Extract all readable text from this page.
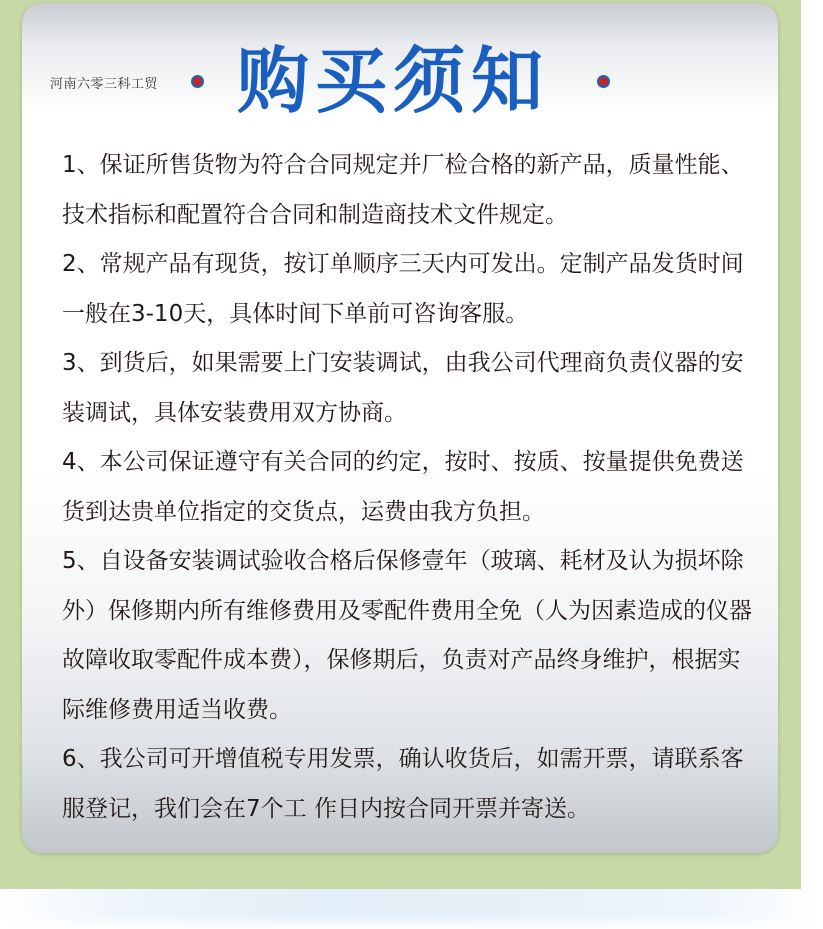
河南六零三科工贸 购买须知
1、保证所售货物为符合合同规定并厂检合格的新产品，质量性能、技术指标和配置符合合同和制造商技术文件规定。
2、常规产品有现货，按订单顺序三天内可发出。定制产品发货时间一般在3-10天，具体时间下单前可咨询客服。
3、到货后，如果需要上门安装调试，由我公司代理商负责仪器的安装调试，具体安装费用双方协商。
4、本公司保证遵守有关合同的约定，按时、按质、按量提供免费送货到达贵单位指定的交货点，运费由我方负担。
5、自设备安装调试验收合格后保修壹年（玻璃、耗材及认为损坏除外）保修期内所有维修费用及零配件费用全免（人为因素造成的仪器故障收取零配件成本费），保修期后，负责对产品终身维护，根据实际维修费用适当收费。
6、我公司可开增值税专用发票，确认收货后，如需开票，请联系客服登记，我们会在7个工 作日内按合同开票并寄送。
